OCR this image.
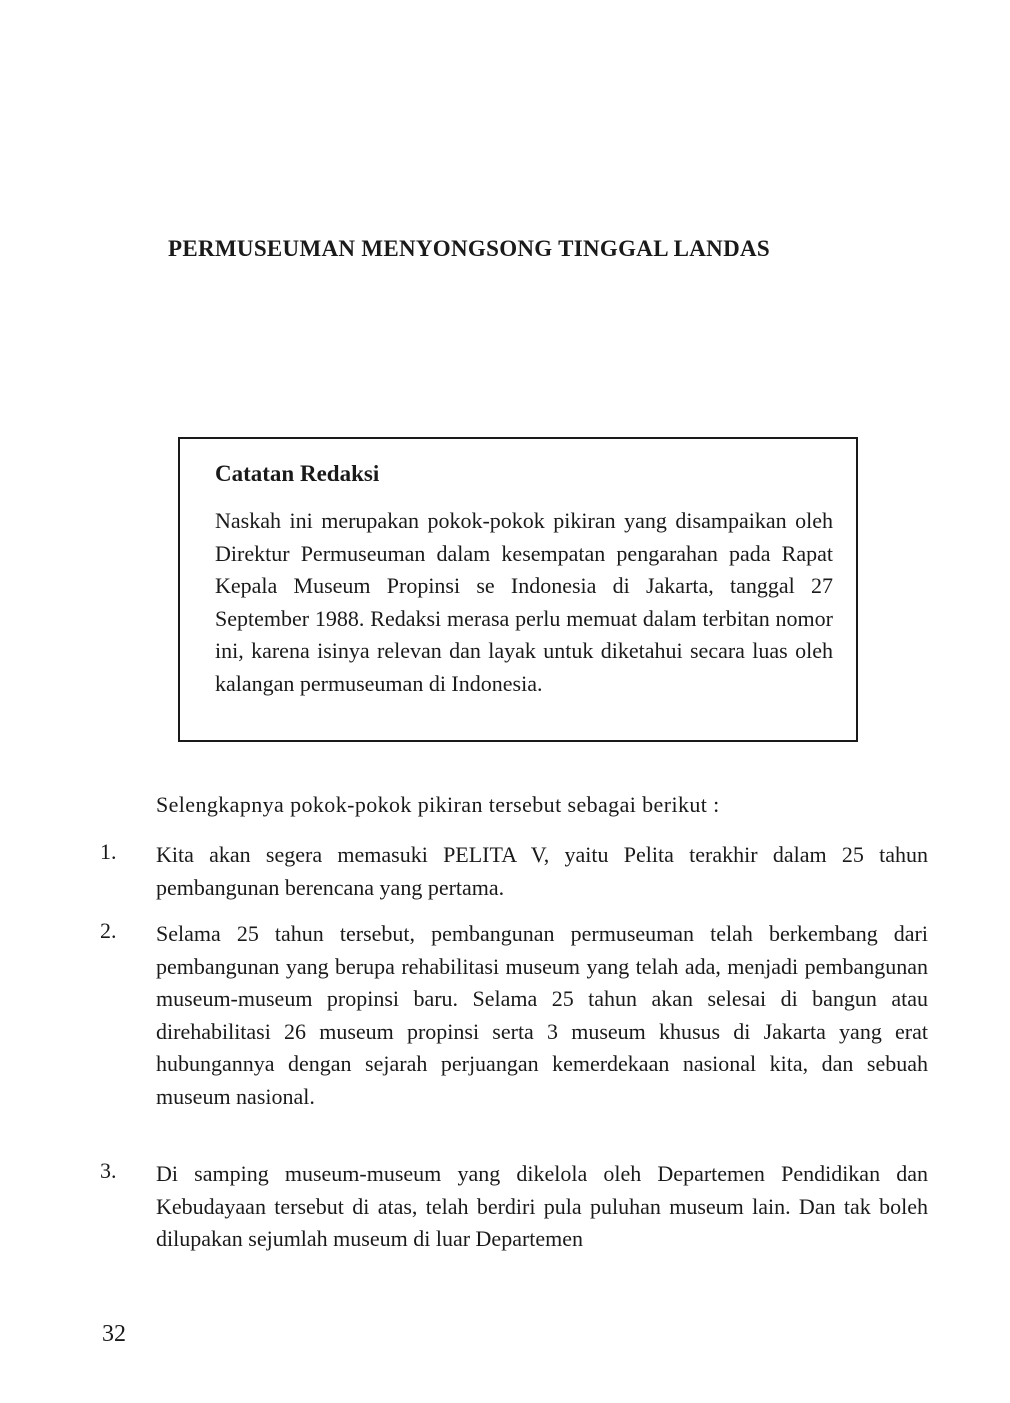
PERMUSEUMAN MENYONGSONG TINGGAL LANDAS
Catatan Redaksi
Naskah ini merupakan pokok-pokok pikiran yang disampaikan oleh Direktur Permuseuman dalam kesempatan pengarahan pada Rapat Kepala Museum Propinsi se Indonesia di Jakarta, tanggal 27 September 1988. Redaksi merasa perlu memuat dalam terbitan nomor ini, karena isinya relevan dan layak untuk diketahui secara luas oleh kalangan permuseuman di Indonesia.
Selengkapnya pokok-pokok pikiran tersebut sebagai berikut :
1.	Kita akan segera memasuki PELITA V, yaitu Pelita terakhir dalam 25 tahun pembangunan berencana yang pertama.
2.	Selama 25 tahun tersebut, pembangunan permuseuman telah berkembang dari pembangunan yang berupa rehabilitasi museum yang telah ada, menjadi pembangunan museum-museum propinsi baru. Selama 25 tahun akan selesai di bangun atau direhabilitasi 26 museum propinsi serta 3 museum khusus di Jakarta yang erat hubungannya dengan sejarah perjuangan kemerdekaan nasional kita, dan sebuah museum nasional.
3.	Di samping museum-museum yang dikelola oleh Departemen Pendidikan dan Kebudayaan tersebut di atas, telah berdiri pula puluhan museum lain. Dan tak boleh dilupakan sejumlah museum di luar Departemen
32
